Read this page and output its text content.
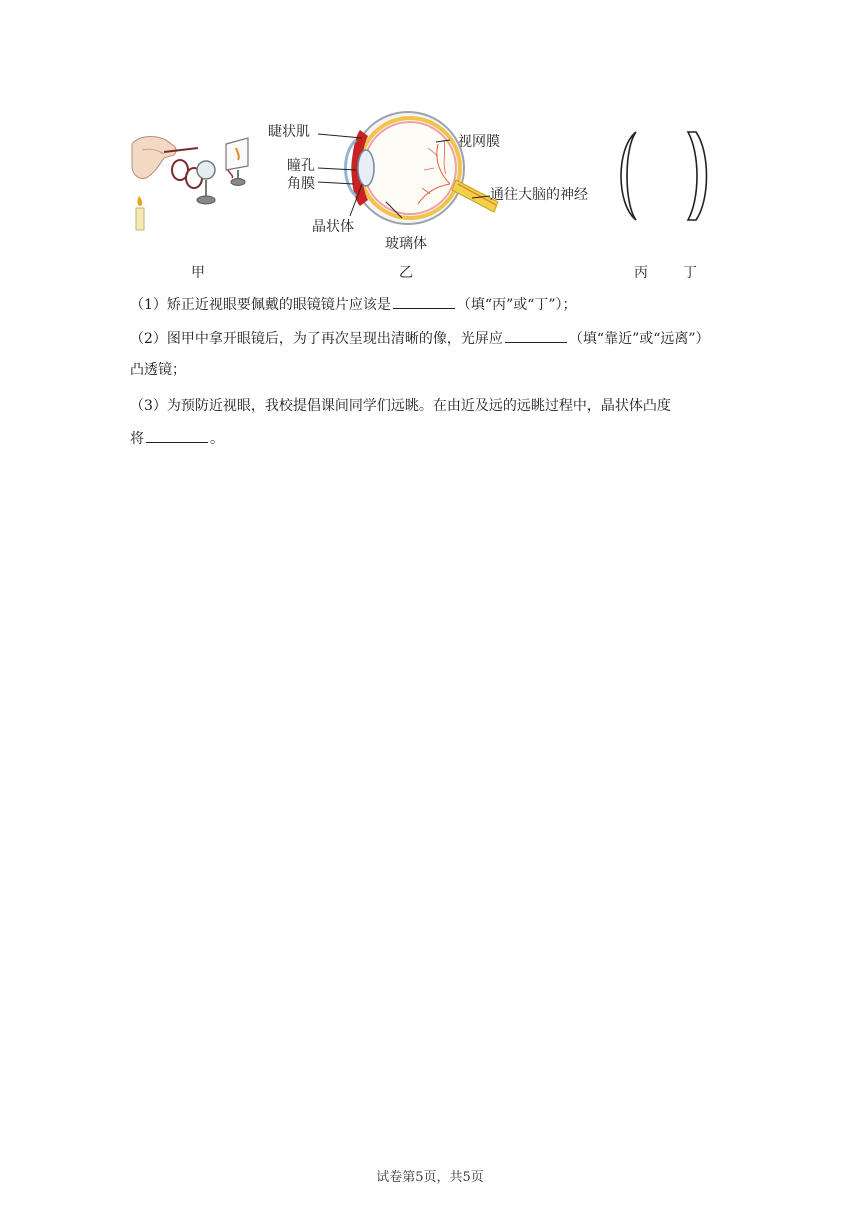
睫状肌
瞳孔
角膜
晶状体
玻璃体
视网膜
通往大脑的神经
甲	乙	丙	丁
（1）矫正近视眼要佩戴的眼镜镜片应该是	（填“丙”或“丁”）；
（2）图甲中拿开眼镜后，为了再次呈现出清晰的像，光屏应	（填“靠近”或“远离”）
凸透镜；
（3）为预防近视眼，我校提倡课间同学们远眺。在由近及远的远眺过程中，晶状体凸度
将	。
试卷第5页，共5页
